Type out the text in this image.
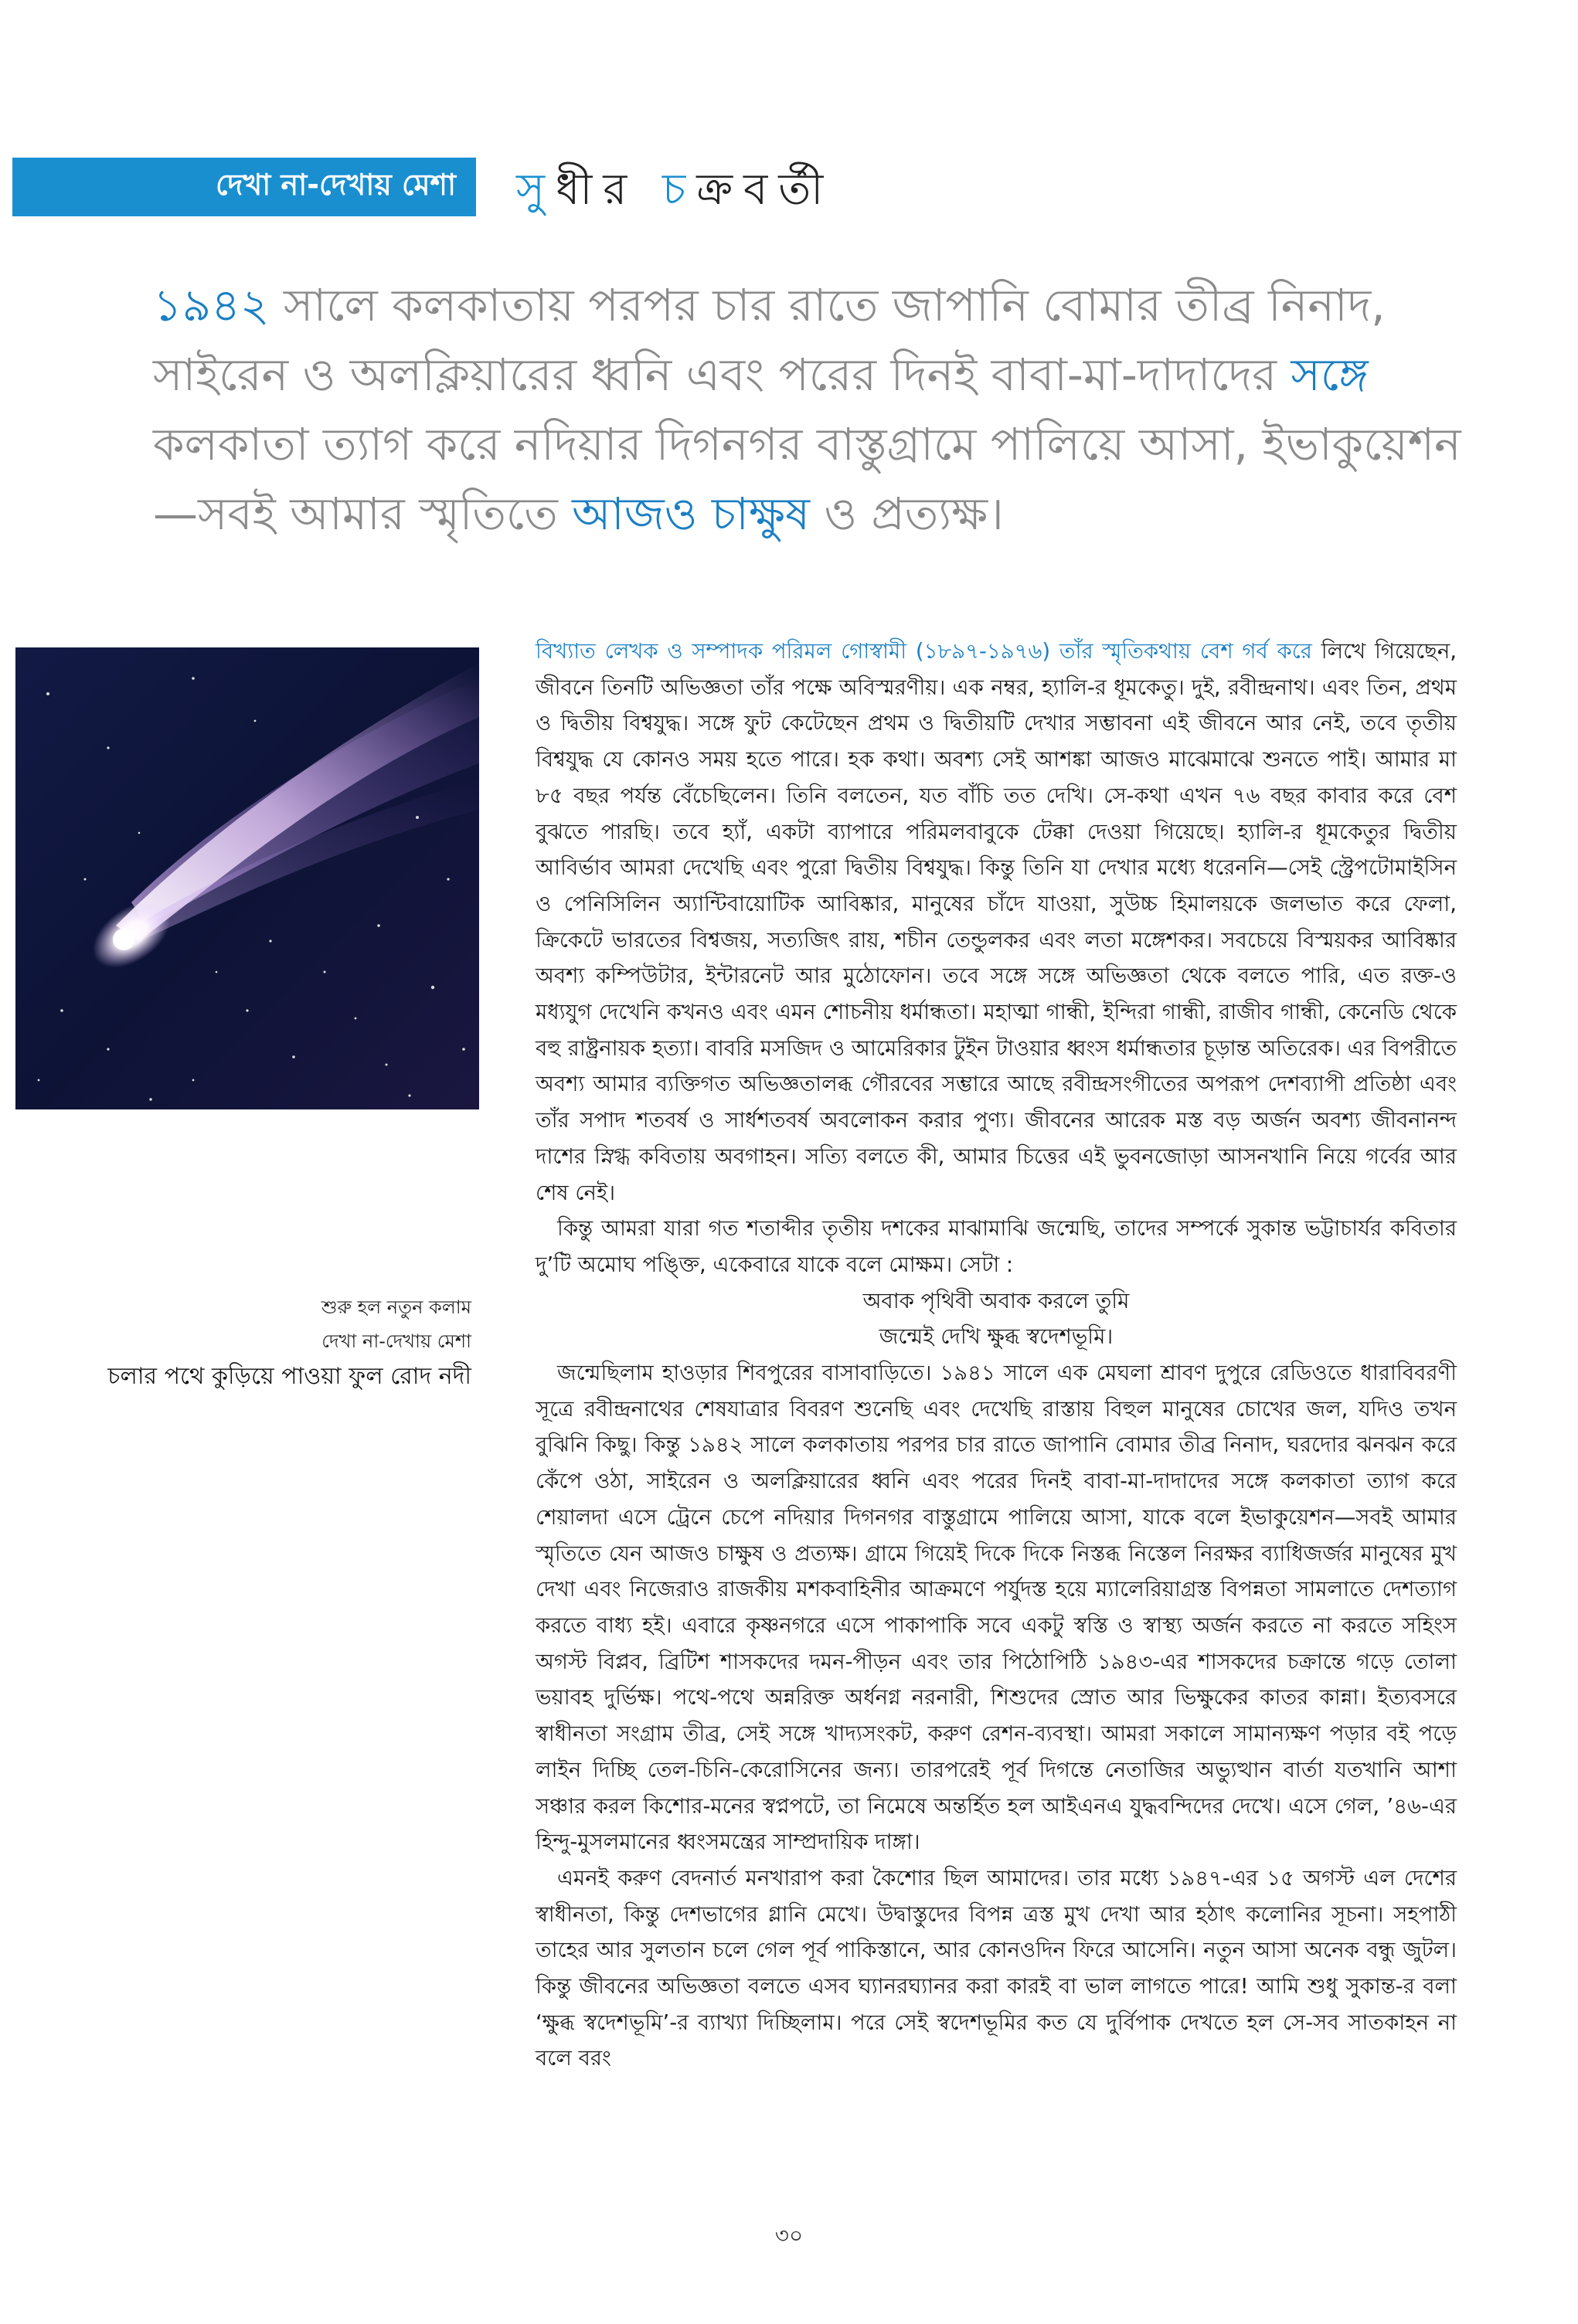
দেখা না-দেখায় মেশা সুধীর চক্রবর্তী

১৯৪২ সালে কলকাতায় পরপর চার রাতে জাপানি বোমার তীব্র নিনাদ, সাইরেন ও অলক্লিয়ারের ধ্বনি এবং পরের দিনই বাবা-মা-দাদাদের সঙ্গে কলকাতা ত্যাগ করে নদিয়ার দিগনগর বাস্তুগ্রামে পালিয়ে আসা, ইভাকুয়েশন—সবই আমার স্মৃতিতে আজও চাক্ষুষ ও প্রত্যক্ষ।

শুরু হল নতুন কলাম
দেখা না-দেখায় মেশা
চলার পথে কুড়িয়ে পাওয়া ফুল রোদ নদী

বিখ্যাত লেখক ও সম্পাদক পরিমল গোস্বামী (১৮৯৭-১৯৭৬) তাঁর স্মৃতিকথায় বেশ গর্ব করে লিখে গিয়েছেন, জীবনে তিনটি অভিজ্ঞতা তাঁর পক্ষে অবিস্মরণীয়। এক নম্বর, হ্যালি-র ধূমকেতু। দুই, রবীন্দ্রনাথ। এবং তিন, প্রথম ও দ্বিতীয় বিশ্বযুদ্ধ। সঙ্গে ফুট কেটেছেন প্রথম ও দ্বিতীয়টি দেখার সম্ভাবনা এই জীবনে আর নেই, তবে তৃতীয় বিশ্বযুদ্ধ যে কোনও সময় হতে পারে। হক কথা। অবশ্য সেই আশঙ্কা আজও মাঝেমাঝে শুনতে পাই। আমার মা ৮৫ বছর পর্যন্ত বেঁচেছিলেন। তিনি বলতেন, যত বাঁচি তত দেখি। সে-কথা এখন ৭৬ বছর কাবার করে বেশ বুঝতে পারছি। তবে হ্যাঁ, একটা ব্যাপারে পরিমলবাবুকে টেক্কা দেওয়া গিয়েছে। হ্যালি-র ধূমকেতুর দ্বিতীয় আবির্ভাব আমরা দেখেছি এবং পুরো দ্বিতীয় বিশ্বযুদ্ধ। কিন্তু তিনি যা দেখার মধ্যে ধরেননি—সেই স্ট্রেপটোমাইসিন ও পেনিসিলিন অ্যান্টিবায়োটিক আবিষ্কার, মানুষের চাঁদে যাওয়া, সুউচ্চ হিমালয়কে জলভাত করে ফেলা, ক্রিকেটে ভারতের বিশ্বজয়, সত্যজিৎ রায়, শচীন তেন্ডুলকর এবং লতা মঙ্গেশকর। সবচেয়ে বিস্ময়কর আবিষ্কার অবশ্য কম্পিউটার, ইন্টারনেট আর মুঠোফোন। তবে সঙ্গে সঙ্গে অভিজ্ঞতা থেকে বলতে পারি, এত রক্ত-ও মধ্যযুগ দেখেনি কখনও এবং এমন শোচনীয় ধর্মান্ধতা। মহাত্মা গান্ধী, ইন্দিরা গান্ধী, রাজীব গান্ধী, কেনেডি থেকে বহু রাষ্ট্রনায়ক হত্যা। বাবরি মসজিদ ও আমেরিকার টুইন টাওয়ার ধ্বংস ধর্মান্ধতার চূড়ান্ত অতিরেক। এর বিপরীতে অবশ্য আমার ব্যক্তিগত অভিজ্ঞতালব্ধ গৌরবের সম্ভারে আছে রবীন্দ্রসংগীতের অপরূপ দেশব্যাপী প্রতিষ্ঠা এবং তাঁর সপাদ শতবর্ষ ও সার্ধশতবর্ষ অবলোকন করার পুণ্য। জীবনের আরেক মস্ত বড় অর্জন অবশ্য জীবনানন্দ দাশের স্নিগ্ধ কবিতায় অবগাহন। সত্যি বলতে কী, আমার চিত্তের এই ভুবনজোড়া আসনখানি নিয়ে গর্বের আর শেষ নেই।

কিন্তু আমরা যারা গত শতাব্দীর তৃতীয় দশকের মাঝামাঝি জন্মেছি, তাদের সম্পর্কে সুকান্ত ভট্টাচার্যর কবিতার দু’টি অমোঘ পঙ্ক্তি, একেবারে যাকে বলে মোক্ষম। সেটা :

অবাক পৃথিবী অবাক করলে তুমি

জন্মেই দেখি ক্ষুব্ধ স্বদেশভূমি।

জন্মেছিলাম হাওড়ার শিবপুরের বাসাবাড়িতে। ১৯৪১ সালে এক মেঘলা শ্রাবণ দুপুরে রেডিওতে ধারাবিবরণী সূত্রে রবীন্দ্রনাথের শেষযাত্রার বিবরণ শুনেছি এবং দেখেছি রাস্তায় বিহুল মানুষের চোখের জল, যদিও তখন বুঝিনি কিছু। কিন্তু ১৯৪২ সালে কলকাতায় পরপর চার রাতে জাপানি বোমার তীব্র নিনাদ, ঘরদোর ঝনঝন করে কেঁপে ওঠা, সাইরেন ও অলক্লিয়ারের ধ্বনি এবং পরের দিনই বাবা-মা-দাদাদের সঙ্গে কলকাতা ত্যাগ করে শেয়ালদা এসে ট্রেনে চেপে নদিয়ার দিগনগর বাস্তুগ্রামে পালিয়ে আসা, যাকে বলে ইভাকুয়েশন—সবই আমার স্মৃতিতে যেন আজও চাক্ষুষ ও প্রত্যক্ষ। গ্রামে গিয়েই দিকে দিকে নিস্তব্ধ নিস্তেল নিরক্ষর ব্যাধিজর্জর মানুষের মুখ দেখা এবং নিজেরাও রাজকীয় মশকবাহিনীর আক্রমণে পর্যুদস্ত হয়ে ম্যালেরিয়াগ্রস্ত বিপন্নতা সামলাতে দেশত্যাগ করতে বাধ্য হই। এবারে কৃষ্ণনগরে এসে পাকাপাকি সবে একটু স্বস্তি ও স্বাস্থ্য অর্জন করতে না করতে সহিংস অগস্ট বিপ্লব, ব্রিটিশ শাসকদের দমন-পীড়ন এবং তার পিঠোপিঠি ১৯৪৩-এর শাসকদের চক্রান্তে গড়ে তোলা ভয়াবহ দুর্ভিক্ষ। পথে-পথে অন্নরিক্ত অর্ধনগ্ন নরনারী, শিশুদের স্রোত আর ভিক্ষুকের কাতর কান্না। ইত্যবসরে স্বাধীনতা সংগ্রাম তীব্র, সেই সঙ্গে খাদ্যসংকট, করুণ রেশন-ব্যবস্থা। আমরা সকালে সামান্যক্ষণ পড়ার বই পড়ে লাইন দিচ্ছি তেল-চিনি-কেরোসিনের জন্য। তারপরেই পূর্ব দিগন্তে নেতাজির অভ্যুত্থান বার্তা যতখানি আশা সঞ্চার করল কিশোর-মনের স্বপ্নপটে, তা নিমেষে অন্তর্হিত হল আইএনএ যুদ্ধবন্দিদের দেখে। এসে গেল, ’৪৬-এর হিন্দু-মুসলমানের ধ্বংসমন্ত্রের সাম্প্রদায়িক দাঙ্গা।

এমনই করুণ বেদনার্ত মনখারাপ করা কৈশোর ছিল আমাদের। তার মধ্যে ১৯৪৭-এর ১৫ অগস্ট এল দেশের স্বাধীনতা, কিন্তু দেশভাগের গ্লানি মেখে। উদ্বাস্তুদের বিপন্ন ত্রস্ত মুখ দেখা আর হঠাৎ কলোনির সূচনা। সহপাঠী তাহের আর সুলতান চলে গেল পূর্ব পাকিস্তানে, আর কোনওদিন ফিরে আসেনি। নতুন আসা অনেক বন্ধু জুটল। কিন্তু জীবনের অভিজ্ঞতা বলতে এসব ঘ্যানরঘ্যানর করা কারই বা ভাল লাগতে পারে! আমি শুধু সুকান্ত-র বলা ‘ক্ষুব্ধ স্বদেশভূমি’-র ব্যাখ্যা দিচ্ছিলাম। পরে সেই স্বদেশভূমির কত যে দুর্বিপাক দেখতে হল সে-সব সাতকাহন না বলে বরং

৩০
